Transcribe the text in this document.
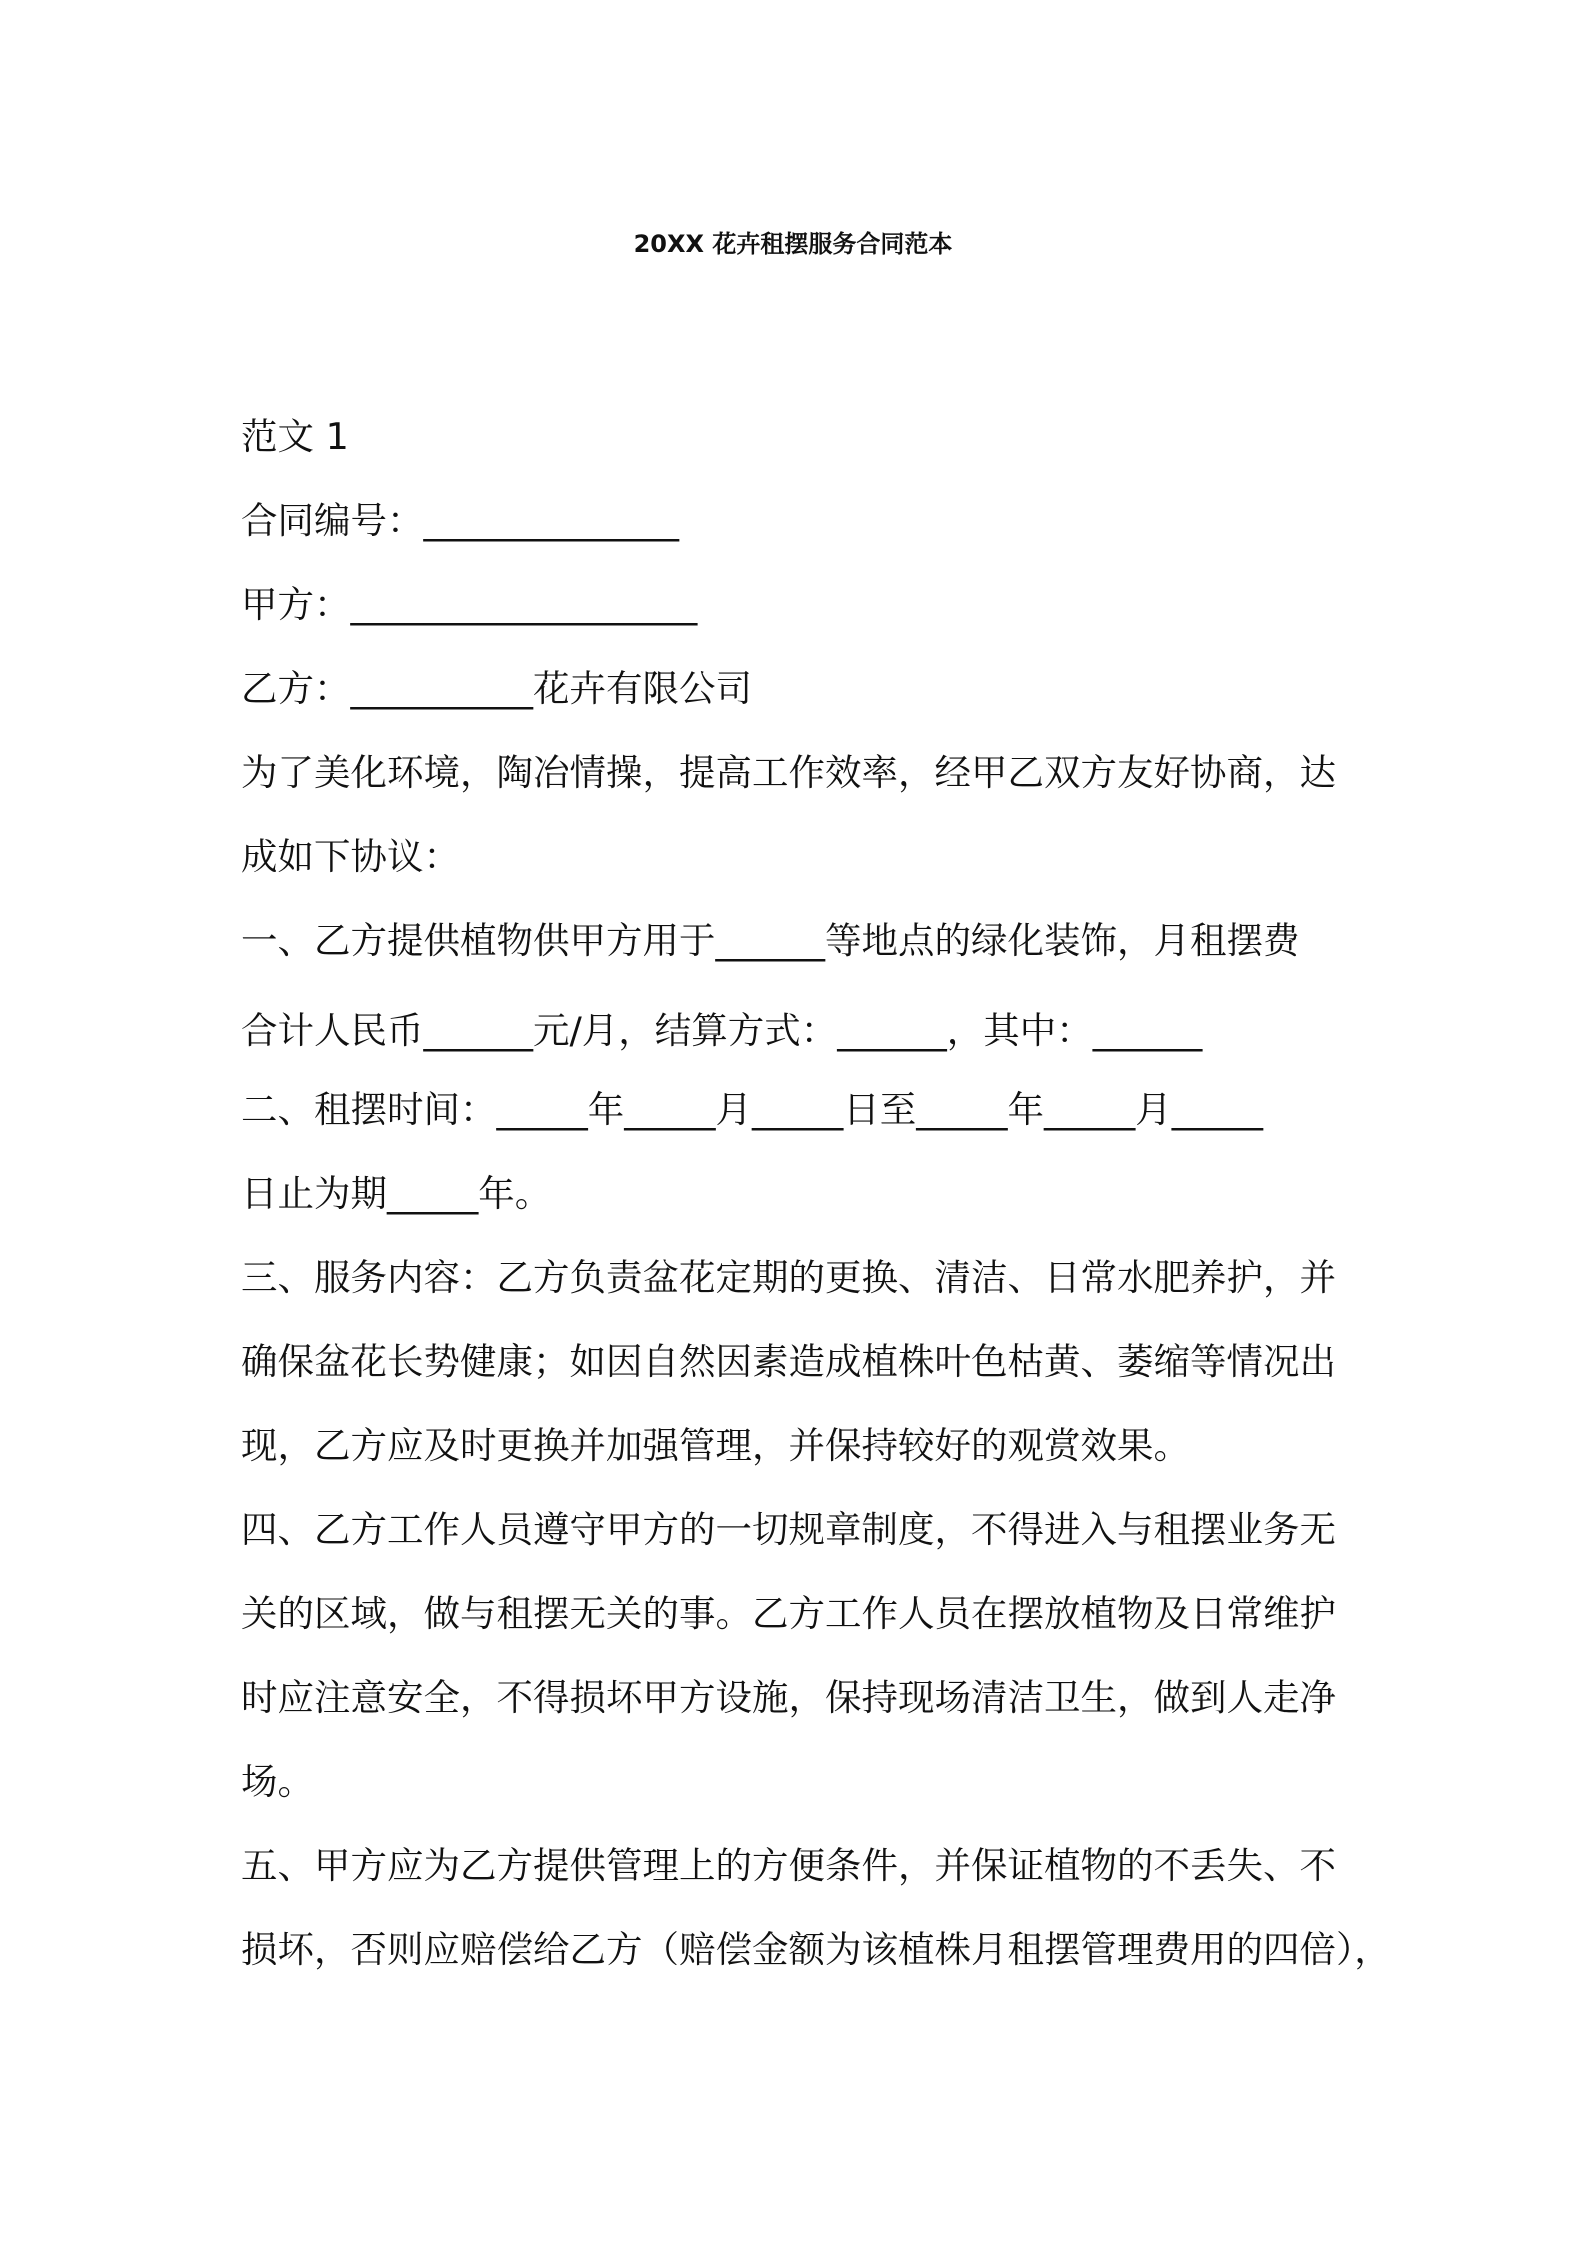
20XX 花卉租摆服务合同范本
范文 1
合同编号：______________
甲方：___________________
乙方：__________花卉有限公司
为了美化环境，陶冶情操，提高工作效率，经甲乙双方友好协商，达
成如下协议：
一、乙方提供植物供甲方用于______等地点的绿化装饰，月租摆费
合计人民币______元/月，结算方式：______，其中：______
二、租摆时间：_____年_____月_____日至_____年_____月_____
日止为期_____年。
三、服务内容：乙方负责盆花定期的更换、清洁、日常水肥养护，并
确保盆花长势健康；如因自然因素造成植株叶色枯黄、萎缩等情况出
现，乙方应及时更换并加强管理，并保持较好的观赏效果。
四、乙方工作人员遵守甲方的一切规章制度，不得进入与租摆业务无
关的区域，做与租摆无关的事。乙方工作人员在摆放植物及日常维护
时应注意安全，不得损坏甲方设施，保持现场清洁卫生，做到人走净
场。
五、甲方应为乙方提供管理上的方便条件，并保证植物的不丢失、不
损坏，否则应赔偿给乙方（赔偿金额为该植株月租摆管理费用的四倍），
